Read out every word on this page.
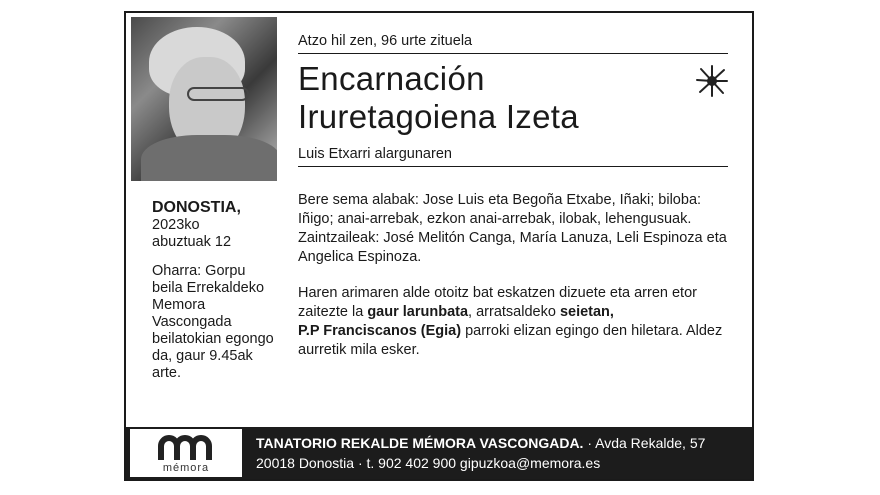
DONOSTIA,
2023ko
abuztuak 12
Oharra: Gorpu beila Errekaldeko Memora Vascongada beilatokian egongo da, gaur 9.45ak arte.
Atzo hil zen, 96 urte zituela
Encarnación
Iruretagoiena Izeta
Luis Etxarri alargunaren
Bere sema alabak: Jose Luis eta Begoña Etxabe, Iñaki; biloba: Iñigo; anai-arrebak, ezkon anai-arrebak, ilobak, lehengusuak. Zaintzaileak: José Melitón Canga, María Lanuza, Leli Espinoza eta Angelica Espinoza.
Haren arimaren alde otoitz bat eskatzen dizuete eta arren etor zaitezte la gaur larunbata, arratsaldeko seietan,
P.P Franciscanos (Egia) parroki elizan egingo den hiletara. Aldez aurretik mila esker.
mémora
TANATORIO REKALDE MÉMORA VASCONGADA. · Avda Rekalde, 57
20018 Donostia · t. 902 402 900 gipuzkoa@memora.es
